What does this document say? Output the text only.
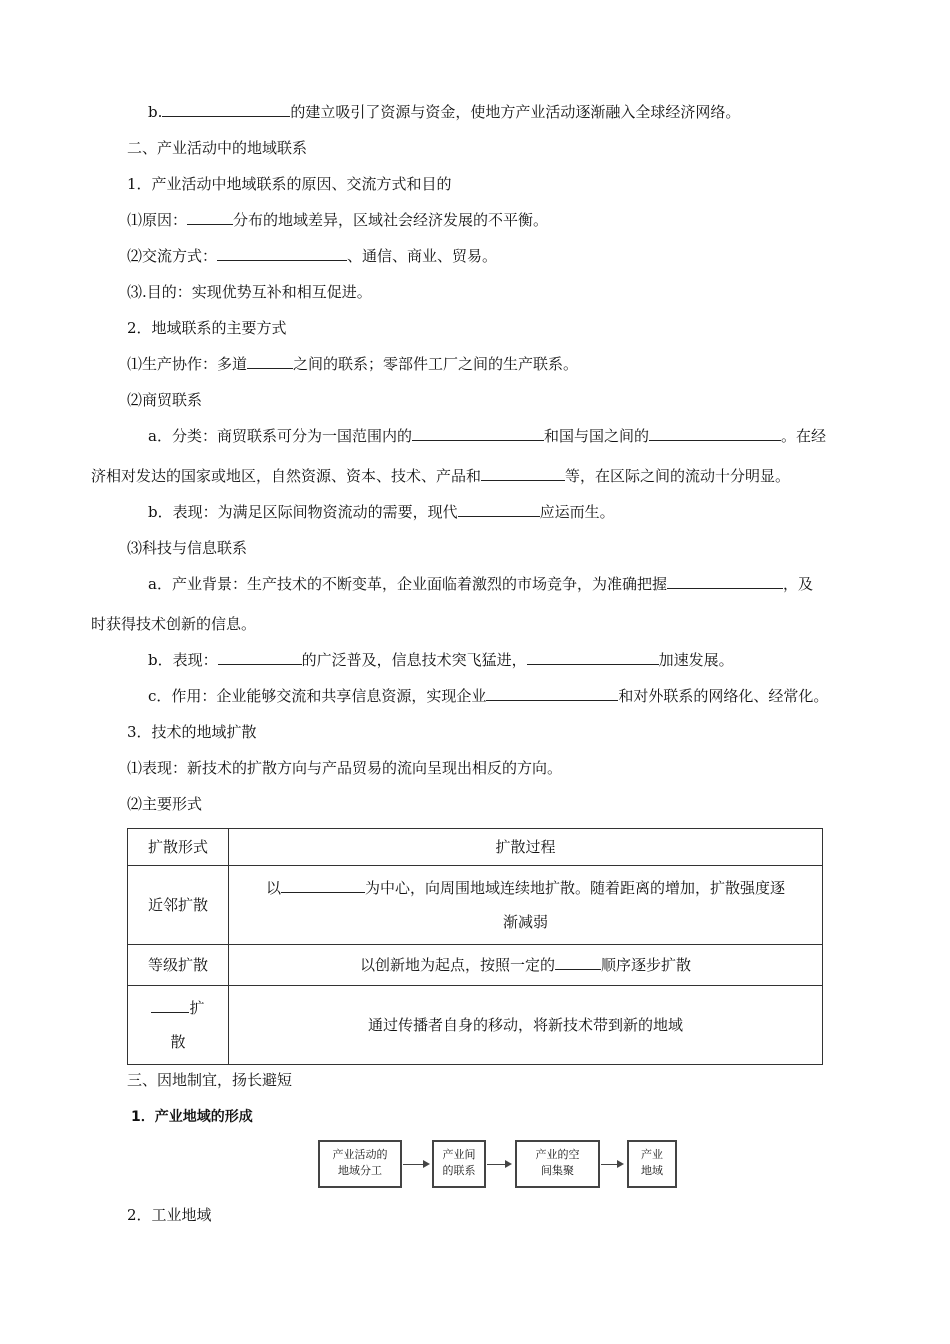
b.	的建立吸引了资源与资金，使地方产业活动逐渐融入全球经济网络。
二、产业活动中的地域联系
1．产业活动中地域联系的原因、交流方式和目的
⑴原因：	分布的地域差异，区域社会经济发展的不平衡。
⑵交流方式：	、通信、商业、贸易。
⑶.目的：实现优势互补和相互促进。
2．地域联系的主要方式
⑴生产协作：多道	之间的联系；零部件工厂之间的生产联系。
⑵商贸联系
a．分类：商贸联系可分为一国范围内的	和国与国之间的	。在经
济相对发达的国家或地区，自然资源、资本、技术、产品和	等，在区际之间的流动十分明显。
b．表现：为满足区际间物资流动的需要，现代	应运而生。
⑶科技与信息联系
a．产业背景：生产技术的不断变革，企业面临着激烈的市场竞争，为准确把握	，及
时获得技术创新的信息。
b．表现：	的广泛普及，信息技术突飞猛进，	加速发展。
c．作用：企业能够交流和共享信息资源，实现企业	和对外联系的网络化、经常化。
3．技术的地域扩散
⑴表现：新技术的扩散方向与产品贸易的流向呈现出相反的方向。
⑵主要形式
扩散形式	扩散过程
近邻扩散	以 为中心，向周围地域连续地扩散。随着距离的增加，扩散强度逐
渐减弱

等级扩散	以创新地为起点，按照一定的 顺序逐步扩散

扩
散	通过传播者自身的移动，将新技术带到新的地域
三、因地制宜，扬长避短
1．产业地域的形成
产业活动的
地域分工
产业间
的联系
产业的空
间集聚
产业
地域
2．工业地域
